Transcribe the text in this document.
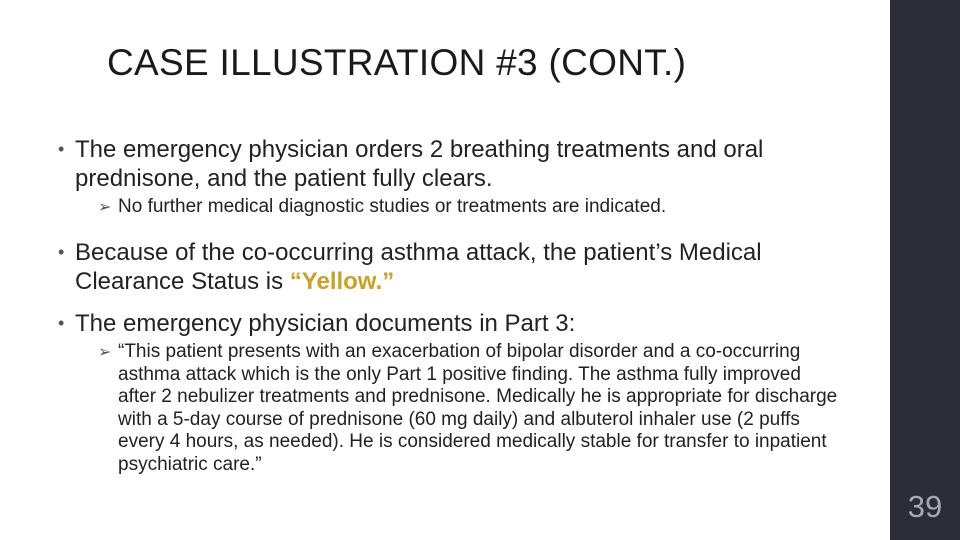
CASE ILLUSTRATION #3 (CONT.)
• The emergency physician orders 2 breathing treatments and oral prednisone, and the patient fully clears.
➢ No further medical diagnostic studies or treatments are indicated.
• Because of the co-occurring asthma attack, the patient’s Medical Clearance Status is “Yellow.”
• The emergency physician documents in Part 3:
➢ “This patient presents with an exacerbation of bipolar disorder and a co-occurring asthma attack which is the only Part 1 positive finding. The asthma fully improved after 2 nebulizer treatments and prednisone. Medically he is appropriate for discharge with a 5-day course of prednisone (60 mg daily) and albuterol inhaler use (2 puffs every 4 hours, as needed). He is considered medically stable for transfer to inpatient psychiatric care.”
39
